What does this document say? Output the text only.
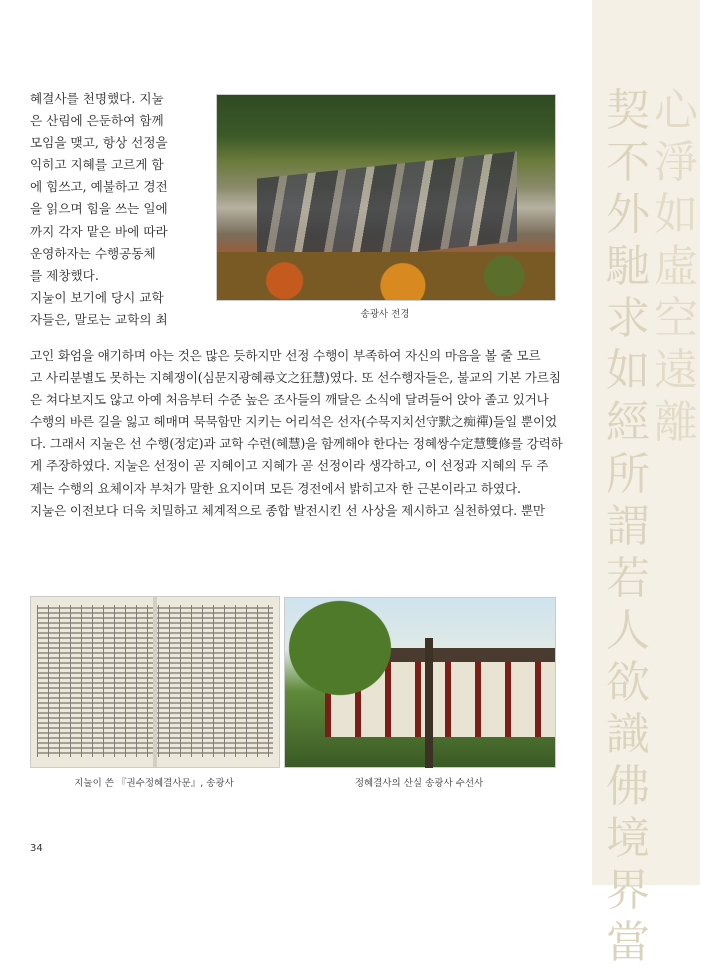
契不外馳求如經所謂若人欲識佛境界當
心淨如虛空遠離
혜결사를 천명했다. 지눌
은 산림에 은둔하여 함께
모임을 맺고, 항상 선정을
익히고 지혜를 고르게 함
에 힘쓰고, 예불하고 경전
을 읽으며 힘을 쓰는 일에
까지 각자 맡은 바에 따라
운영하자는 수행공동체
를 제창했다.
지눌이 보기에 당시 교학
자들은, 말로는 교학의 최	송광사 전경
고인 화엄을 얘기하며 아는 것은 많은 듯하지만 선정 수행이 부족하여 자신의 마음을 볼 줄 모르
고 사리분별도 못하는 지혜쟁이(심문지광혜尋文之狂慧)였다. 또 선수행자들은, 불교의 기본 가르침
은 쳐다보지도 않고 아예 처음부터 수준 높은 조사들의 깨달은 소식에 달려들어 앉아 졸고 있거나
수행의 바른 길을 잃고 헤매며 묵묵함만 지키는 어리석은 선자(수묵지치선守默之痴禪)들일 뿐이었
다. 그래서 지눌은 선 수행(정定)과 교학 수련(혜慧)을 함께해야 한다는 정혜쌍수定慧雙修를 강력하
게 주장하였다. 지눌은 선정이 곧 지혜이고 지혜가 곧 선정이라 생각하고, 이 선정과 지혜의 두 주
제는 수행의 요체이자 부처가 말한 요지이며 모든 경전에서 밝히고자 한 근본이라고 하였다.
지눌은 이전보다 더욱 치밀하고 체계적으로 종합 발전시킨 선 사상을 제시하고 실천하였다. 뿐만
지눌이 쓴 『권수정혜결사문』, 송광사	정혜결사의 산실 송광사 수선사
34
